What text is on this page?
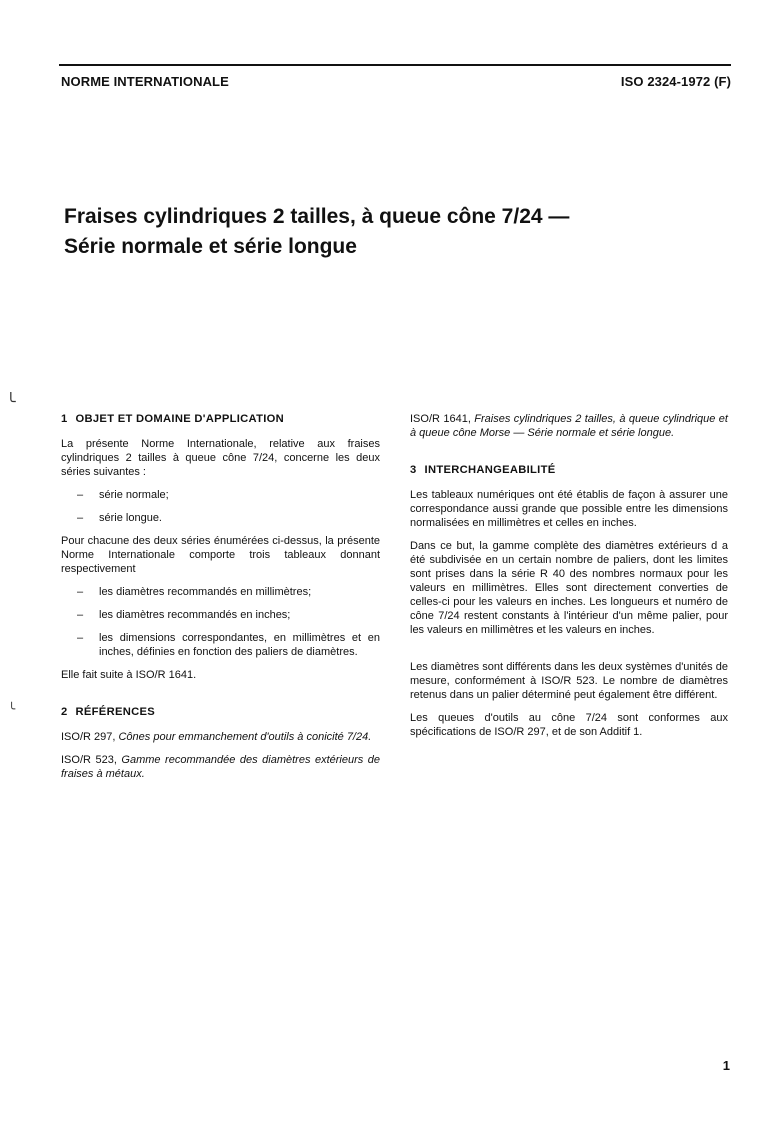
NORME INTERNATIONALE	ISO 2324-1972 (F)
Fraises cylindriques 2 tailles, à queue cône 7/24 —
Série normale et série longue
╰
╰
1 OBJET ET DOMAINE D'APPLICATION

La présente Norme Internationale, relative aux fraises cylindriques 2 tailles à queue cône 7/24, concerne les deux séries suivantes :

–	série normale;
–	série longue.

Pour chacune des deux séries énumérées ci-dessus, la présente Norme Internationale comporte trois tableaux donnant respectivement

–	les diamètres recommandés en millimètres;
–	les diamètres recommandés en inches;
–	les dimensions correspondantes, en millimètres et en inches, définies en fonction des paliers de diamètres.

Elle fait suite à ISO/R 1641.

2 RÉFÉRENCES

ISO/R 297, Cônes pour emmanchement d'outils à conicité 7/24.

ISO/R 523, Gamme recommandée des diamètres extérieurs de fraises à métaux.

ISO/R 1641, Fraises cylindriques 2 tailles, à queue cylindrique et à queue cône Morse — Série normale et série longue.

3 INTERCHANGEABILITÉ

Les tableaux numériques ont été établis de façon à assurer une correspondance aussi grande que possible entre les dimensions normalisées en millimètres et celles en inches.

Dans ce but, la gamme complète des diamètres extérieurs d a été subdivisée en un certain nombre de paliers, dont les limites sont prises dans la série R 40 des nombres normaux pour les valeurs en millimètres. Elles sont directement converties de celles-ci pour les valeurs en inches. Les longueurs et numéro de cône 7/24 restent constants à l'intérieur d'un même palier, pour les valeurs en millimètres et les valeurs en inches.

Les diamètres sont différents dans les deux systèmes d'unités de mesure, conformément à ISO/R 523. Le nombre de diamètres retenus dans un palier déterminé peut également être différent.

Les queues d'outils au cône 7/24 sont conformes aux spécifications de ISO/R 297, et de son Additif 1.

1
